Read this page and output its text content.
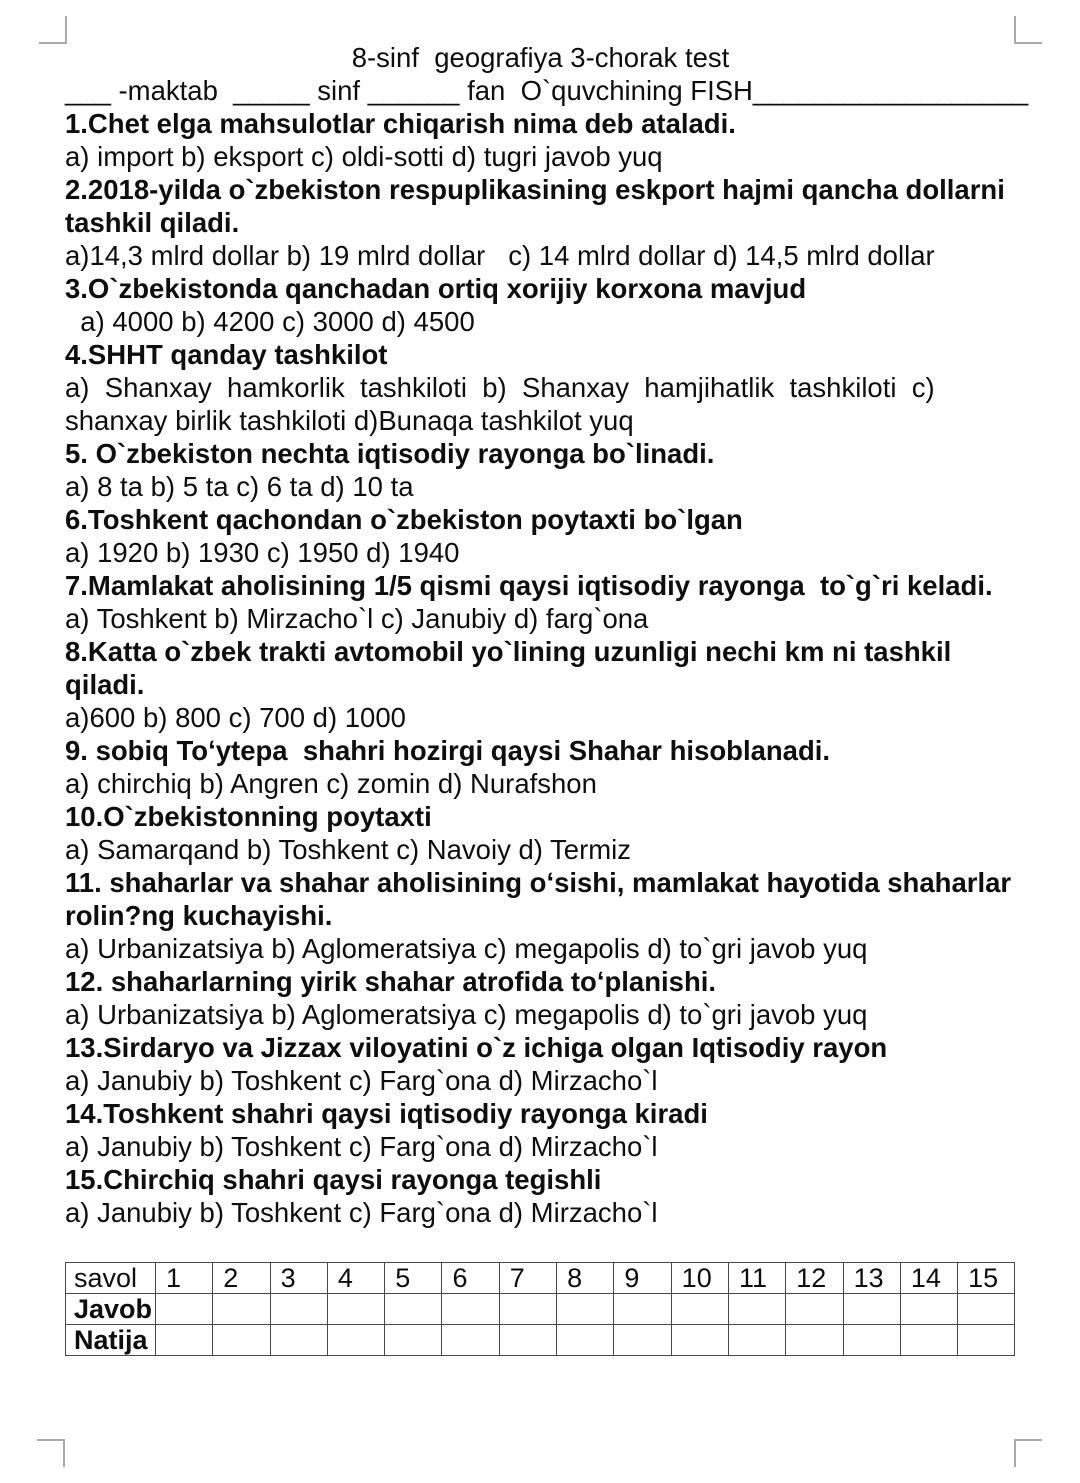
8-sinf  geografiya 3-chorak test
___ -maktab  _____ sinf ______ fan  O`quvchining FISH__________________
1.Chet elga mahsulotlar chiqarish nima deb ataladi.
a) import b) eksport c) oldi-sotti d) tugri javob yuq
2.2018-yilda o`zbekiston respuplikasining eskport hajmi qancha dollarni
tashkil qiladi.
a)14,3 mlrd dollar b) 19 mlrd dollar   c) 14 mlrd dollar d) 14,5 mlrd dollar
3.O`zbekistonda qanchadan ortiq xorijiy korxona mavjud
a) 4000 b) 4200 c) 3000 d) 4500
4.SHHT qanday tashkilot
a)  Shanxay  hamkorlik  tashkiloti  b)  Shanxay  hamjihatlik  tashkiloti  c)
shanxay birlik tashkiloti d)Bunaqa tashkilot yuq
5. O`zbekiston nechta iqtisodiy rayonga bo`linadi.
a) 8 ta b) 5 ta c) 6 ta d) 10 ta
6.Toshkent qachondan o`zbekiston poytaxti bo`lgan
a) 1920 b) 1930 c) 1950 d) 1940
7.Mamlakat aholisining 1/5 qismi qaysi iqtisodiy rayonga  to`g`ri keladi.
a) Toshkent b) Mirzacho`l c) Janubiy d) farg`ona
8.Katta o`zbek trakti avtomobil yo`lining uzunligi nechi km ni tashkil
qiladi.
a)600 b) 800 c) 700 d) 1000
9. sobiq Toʻytepa  shahri hozirgi qaysi Shahar hisoblanadi.
a) chirchiq b) Angren c) zomin d) Nurafshon
10.O`zbekistonning poytaxti
a) Samarqand b) Toshkent c) Navoiy d) Termiz
11. shaharlar va shahar aholisining oʻsishi, mamlakat hayotida shaharlar
rolin?ng kuchayishi.
a) Urbanizatsiya b) Aglomeratsiya c) megapolis d) to`gri javob yuq
12. shaharlarning yirik shahar atrofida toʻplanishi.
a) Urbanizatsiya b) Aglomeratsiya c) megapolis d) to`gri javob yuq
13.Sirdaryo va Jizzax viloyatini o`z ichiga olgan Iqtisodiy rayon
a) Janubiy b) Toshkent c) Farg`ona d) Mirzacho`l
14.Toshkent shahri qaysi iqtisodiy rayonga kiradi
a) Janubiy b) Toshkent c) Farg`ona d) Mirzacho`l
15.Chirchiq shahri qaysi rayonga tegishli
a) Janubiy b) Toshkent c) Farg`ona d) Mirzacho`l
savol	1	2	3	4	5	6	7	8	9	10	11	12	13	14	15
Javob															
Natija															
